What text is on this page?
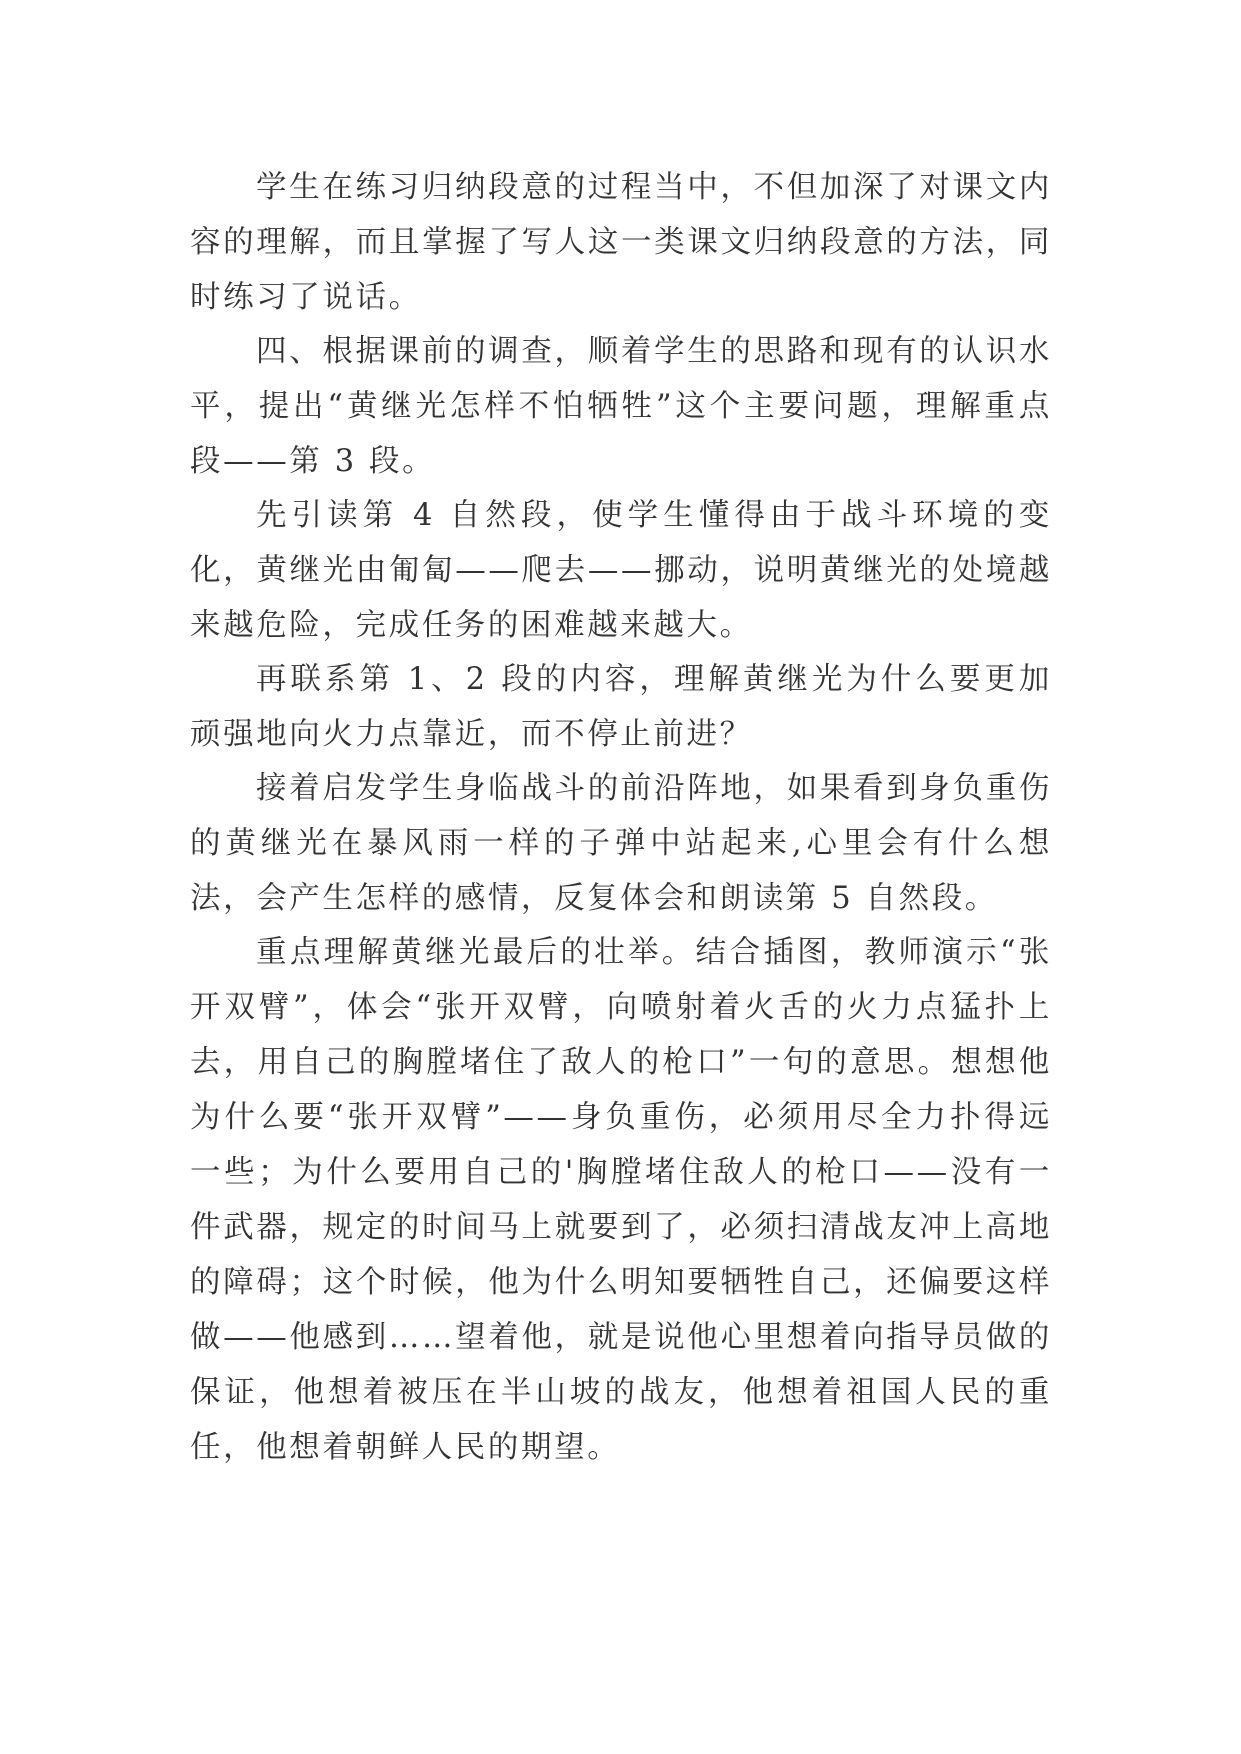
学生在练习归纳段意的过程当中，不但加深了对课文内容的理解，而且掌握了写人这一类课文归纳段意的方法，同时练习了说话。

四、根据课前的调查，顺着学生的思路和现有的认识水平，提出“黄继光怎样不怕牺牲”这个主要问题，理解重点段——第 3 段。

先引读第 4 自然段，使学生懂得由于战斗环境的变化，黄继光由匍匐——爬去——挪动，说明黄继光的处境越来越危险，完成任务的困难越来越大。

再联系第 1、2 段的内容，理解黄继光为什么要更加顽强地向火力点靠近，而不停止前进？

接着启发学生身临战斗的前沿阵地，如果看到身负重伤的黄继光在暴风雨一样的子弹中站起来,心里会有什么想法，会产生怎样的感情，反复体会和朗读第 5 自然段。

重点理解黄继光最后的壮举。结合插图，教师演示“张开双臂”，体会“张开双臂，向喷射着火舌的火力点猛扑上去，用自己的胸膛堵住了敌人的枪口”一句的意思。想想他为什么要“张开双臂”——身负重伤，必须用尽全力扑得远一些；为什么要用自己的'胸膛堵住敌人的枪口——没有一件武器，规定的时间马上就要到了，必须扫清战友冲上高地的障碍；这个时候，他为什么明知要牺牲自己，还偏要这样做——他感到……望着他，就是说他心里想着向指导员做的保证，他想着被压在半山坡的战友，他想着祖国人民的重任，他想着朝鲜人民的期望。
